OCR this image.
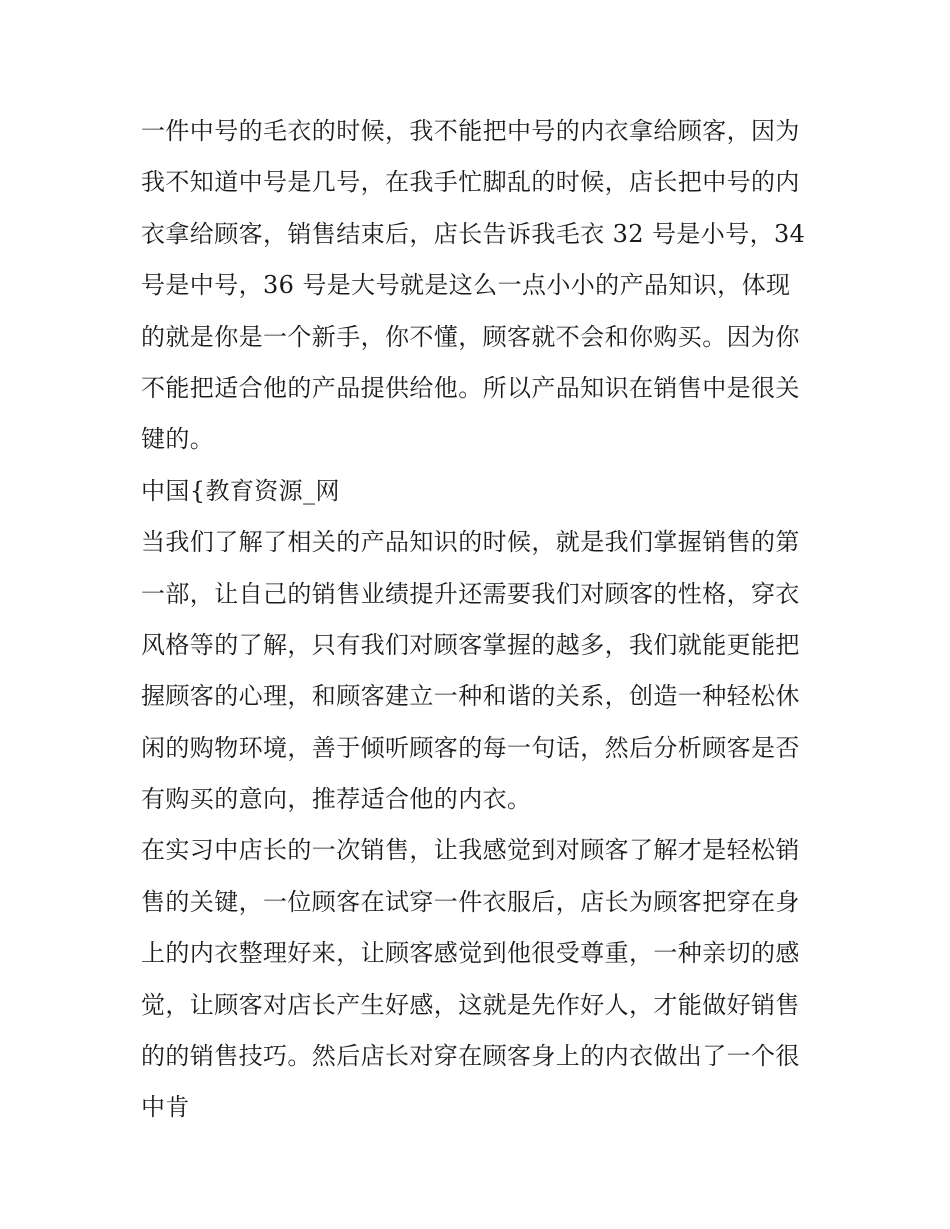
一件中号的毛衣的时候，我不能把中号的内衣拿给顾客，因为
我不知道中号是几号，在我手忙脚乱的时候，店长把中号的内
衣拿给顾客，销售结束后，店长告诉我毛衣 32 号是小号，34
号是中号，36 号是大号就是这么一点小小的产品知识，体现
的就是你是一个新手，你不懂，顾客就不会和你购买。因为你
不能把适合他的产品提供给他。所以产品知识在销售中是很关
键的。
中国{教育资源_网
当我们了解了相关的产品知识的时候，就是我们掌握销售的第
一部，让自己的销售业绩提升还需要我们对顾客的性格，穿衣
风格等的了解，只有我们对顾客掌握的越多，我们就能更能把
握顾客的心理，和顾客建立一种和谐的关系，创造一种轻松休
闲的购物环境，善于倾听顾客的每一句话，然后分析顾客是否
有购买的意向，推荐适合他的内衣。
在实习中店长的一次销售，让我感觉到对顾客了解才是轻松销
售的关键，一位顾客在试穿一件衣服后，店长为顾客把穿在身
上的内衣整理好来，让顾客感觉到他很受尊重，一种亲切的感
觉，让顾客对店长产生好感，这就是先作好人，才能做好销售
的的销售技巧。然后店长对穿在顾客身上的内衣做出了一个很
中肯
